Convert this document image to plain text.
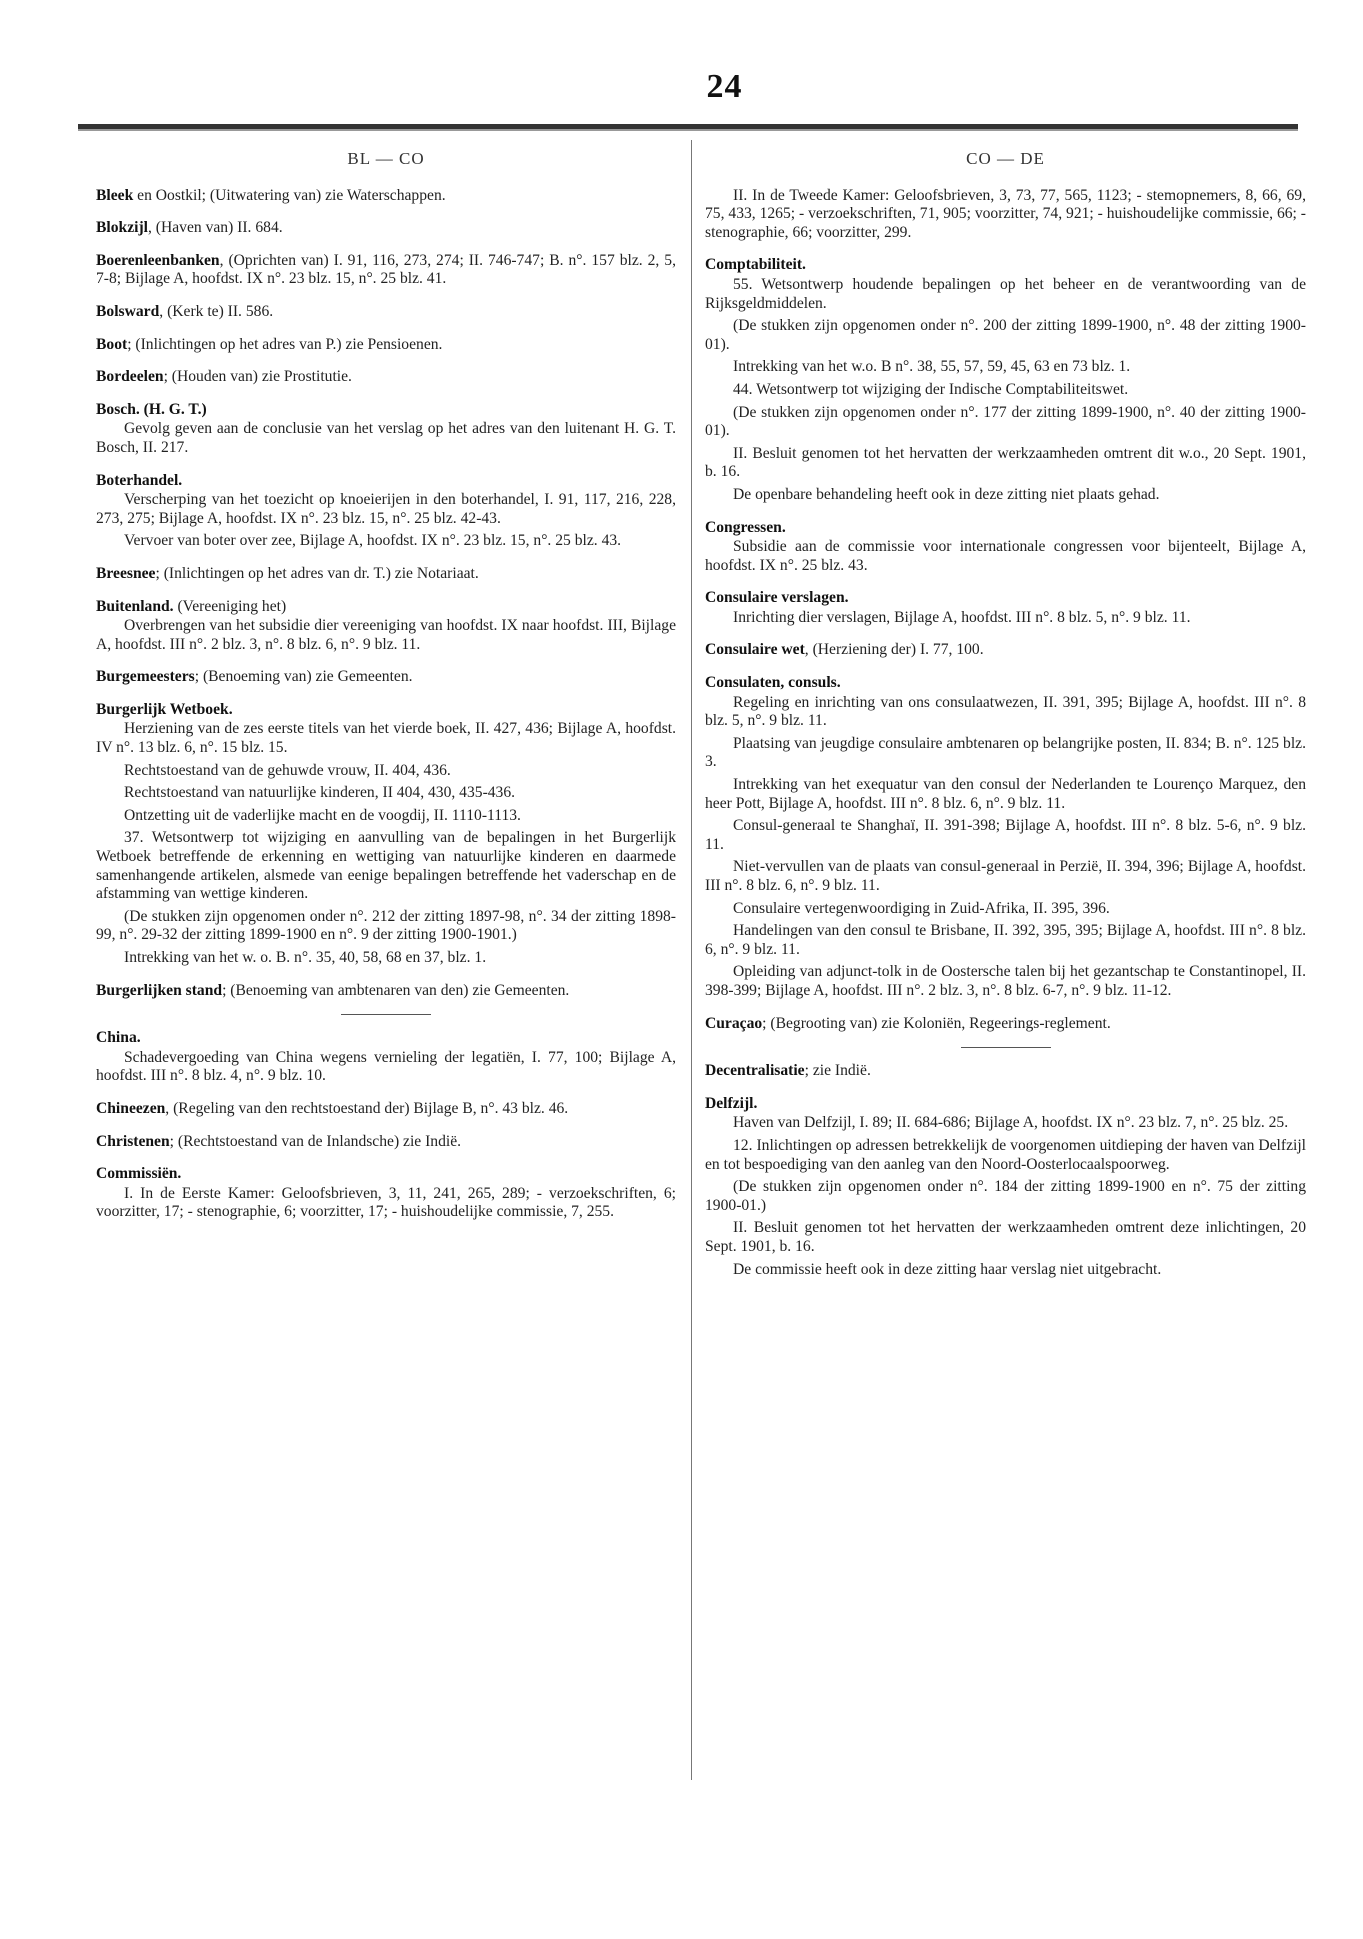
24
BL — CO

Bleek en Oostkil; (Uitwatering van) zie Waterschappen.

Blokzijl, (Haven van) II. 684.

Boerenleenbanken, (Oprichten van) I. 91, 116, 273, 274; II. 746-747; B. n°. 157 blz. 2, 5, 7-8; Bijlage A, hoofdst. IX n°. 23 blz. 15, n°. 25 blz. 41.

Bolsward, (Kerk te) II. 586.

Boot; (Inlichtingen op het adres van P.) zie Pensioenen.

Bordeelen; (Houden van) zie Prostitutie.

Bosch. (H. G. T.)

Gevolg geven aan de conclusie van het verslag op het adres van den luitenant H. G. T. Bosch, II. 217.

Boterhandel.

Verscherping van het toezicht op knoeierijen in den boterhandel, I. 91, 117, 216, 228, 273, 275; Bijlage A, hoofdst. IX n°. 23 blz. 15, n°. 25 blz. 42-43.

Vervoer van boter over zee, Bijlage A, hoofdst. IX n°. 23 blz. 15, n°. 25 blz. 43.

Breesnee; (Inlichtingen op het adres van dr. T.) zie Notariaat.

Buitenland. (Vereeniging het)

Overbrengen van het subsidie dier vereeniging van hoofdst. IX naar hoofdst. III, Bijlage A, hoofdst. III n°. 2 blz. 3, n°. 8 blz. 6, n°. 9 blz. 11.

Burgemeesters; (Benoeming van) zie Gemeenten.

Burgerlijk Wetboek.

Herziening van de zes eerste titels van het vierde boek, II. 427, 436; Bijlage A, hoofdst. IV n°. 13 blz. 6, n°. 15 blz. 15.

Rechtstoestand van de gehuwde vrouw, II. 404, 436.

Rechtstoestand van natuurlijke kinderen, II 404, 430, 435-436.

Ontzetting uit de vaderlijke macht en de voogdij, II. 1110-1113.

37. Wetsontwerp tot wijziging en aanvulling van de bepalingen in het Burgerlijk Wetboek betreffende de erkenning en wettiging van natuurlijke kinderen en daarmede samenhangende artikelen, alsmede van eenige bepalingen betreffende het vaderschap en de afstamming van wettige kinderen.

(De stukken zijn opgenomen onder n°. 212 der zitting 1897-98, n°. 34 der zitting 1898-99, n°. 29-32 der zitting 1899-1900 en n°. 9 der zitting 1900-1901.)

Intrekking van het w. o. B. n°. 35, 40, 58, 68 en 37, blz. 1.

Burgerlijken stand; (Benoeming van ambtenaren van den) zie Gemeenten.

China.

Schadevergoeding van China wegens vernieling der legatiën, I. 77, 100; Bijlage A, hoofdst. III n°. 8 blz. 4, n°. 9 blz. 10.

Chineezen, (Regeling van den rechtstoestand der) Bijlage B, n°. 43 blz. 46.

Christenen; (Rechtstoestand van de Inlandsche) zie Indië.

Commissiën.

I. In de Eerste Kamer: Geloofsbrieven, 3, 11, 241, 265, 289; - verzoekschriften, 6; voorzitter, 17; - stenographie, 6; voorzitter, 17; - huishoudelijke commissie, 7, 255.

CO — DE

II. In de Tweede Kamer: Geloofsbrieven, 3, 73, 77, 565, 1123; - stemopnemers, 8, 66, 69, 75, 433, 1265; - verzoekschriften, 71, 905; voorzitter, 74, 921; - huishoudelijke commissie, 66; - stenographie, 66; voorzitter, 299.

Comptabiliteit.

55. Wetsontwerp houdende bepalingen op het beheer en de verantwoording van de Rijksgeldmiddelen.

(De stukken zijn opgenomen onder n°. 200 der zitting 1899-1900, n°. 48 der zitting 1900-01).

Intrekking van het w.o. B n°. 38, 55, 57, 59, 45, 63 en 73 blz. 1.

44. Wetsontwerp tot wijziging der Indische Comptabiliteitswet.

(De stukken zijn opgenomen onder n°. 177 der zitting 1899-1900, n°. 40 der zitting 1900-01).

II. Besluit genomen tot het hervatten der werkzaamheden omtrent dit w.o., 20 Sept. 1901, b. 16.

De openbare behandeling heeft ook in deze zitting niet plaats gehad.

Congressen.

Subsidie aan de commissie voor internationale congressen voor bijenteelt, Bijlage A, hoofdst. IX n°. 25 blz. 43.

Consulaire verslagen.

Inrichting dier verslagen, Bijlage A, hoofdst. III n°. 8 blz. 5, n°. 9 blz. 11.

Consulaire wet, (Herziening der) I. 77, 100.

Consulaten, consuls.

Regeling en inrichting van ons consulaatwezen, II. 391, 395; Bijlage A, hoofdst. III n°. 8 blz. 5, n°. 9 blz. 11.

Plaatsing van jeugdige consulaire ambtenaren op belangrijke posten, II. 834; B. n°. 125 blz. 3.

Intrekking van het exequatur van den consul der Nederlanden te Lourenço Marquez, den heer Pott, Bijlage A, hoofdst. III n°. 8 blz. 6, n°. 9 blz. 11.

Consul-generaal te Shanghaï, II. 391-398; Bijlage A, hoofdst. III n°. 8 blz. 5-6, n°. 9 blz. 11.

Niet-vervullen van de plaats van consul-generaal in Perzië, II. 394, 396; Bijlage A, hoofdst. III n°. 8 blz. 6, n°. 9 blz. 11.

Consulaire vertegenwoordiging in Zuid-Afrika, II. 395, 396.

Handelingen van den consul te Brisbane, II. 392, 395, 395; Bijlage A, hoofdst. III n°. 8 blz. 6, n°. 9 blz. 11.

Opleiding van adjunct-tolk in de Oostersche talen bij het gezantschap te Constantinopel, II. 398-399; Bijlage A, hoofdst. III n°. 2 blz. 3, n°. 8 blz. 6-7, n°. 9 blz. 11-12.

Curaçao; (Begrooting van) zie Koloniën, Regeerings-reglement.

Decentralisatie; zie Indië.

Delfzijl.

Haven van Delfzijl, I. 89; II. 684-686; Bijlage A, hoofdst. IX n°. 23 blz. 7, n°. 25 blz. 25.

12. Inlichtingen op adressen betrekkelijk de voorgenomen uitdieping der haven van Delfzijl en tot bespoediging van den aanleg van den Noord-Oosterlocaalspoorweg.

(De stukken zijn opgenomen onder n°. 184 der zitting 1899-1900 en n°. 75 der zitting 1900-01.)

II. Besluit genomen tot het hervatten der werkzaamheden omtrent deze inlichtingen, 20 Sept. 1901, b. 16.

De commissie heeft ook in deze zitting haar verslag niet uitgebracht.
